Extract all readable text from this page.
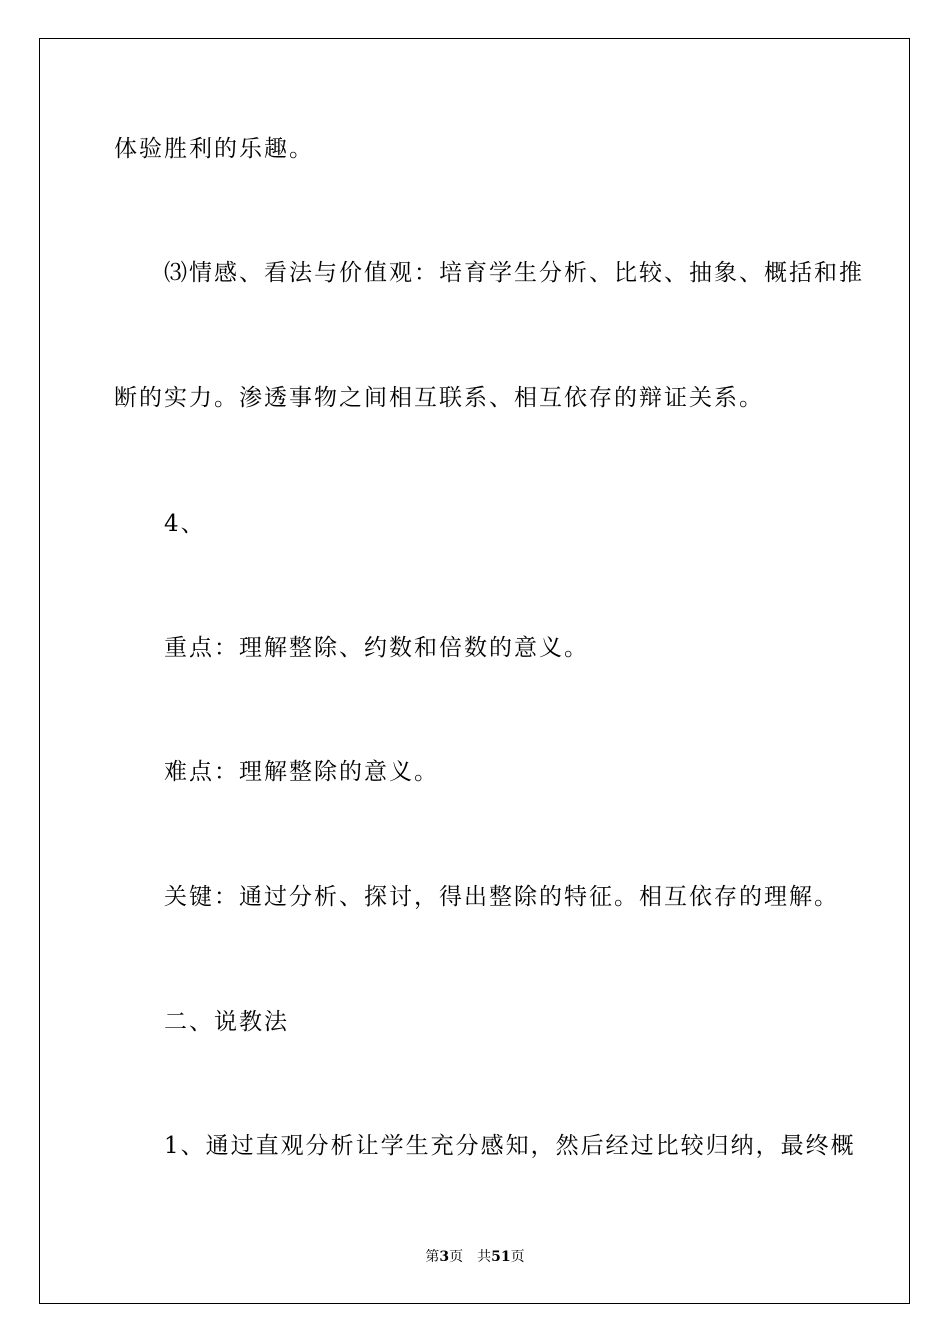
体验胜利的乐趣。
⑶情感、看法与价值观：培育学生分析、比较、抽象、概括和推
断的实力。渗透事物之间相互联系、相互依存的辩证关系。
4、
重点：理解整除、约数和倍数的意义。
难点：理解整除的意义。
关键：通过分析、探讨，得出整除的特征。相互依存的理解。
二、说教法
1、通过直观分析让学生充分感知，然后经过比较归纳，最终概
第3页 共51页
